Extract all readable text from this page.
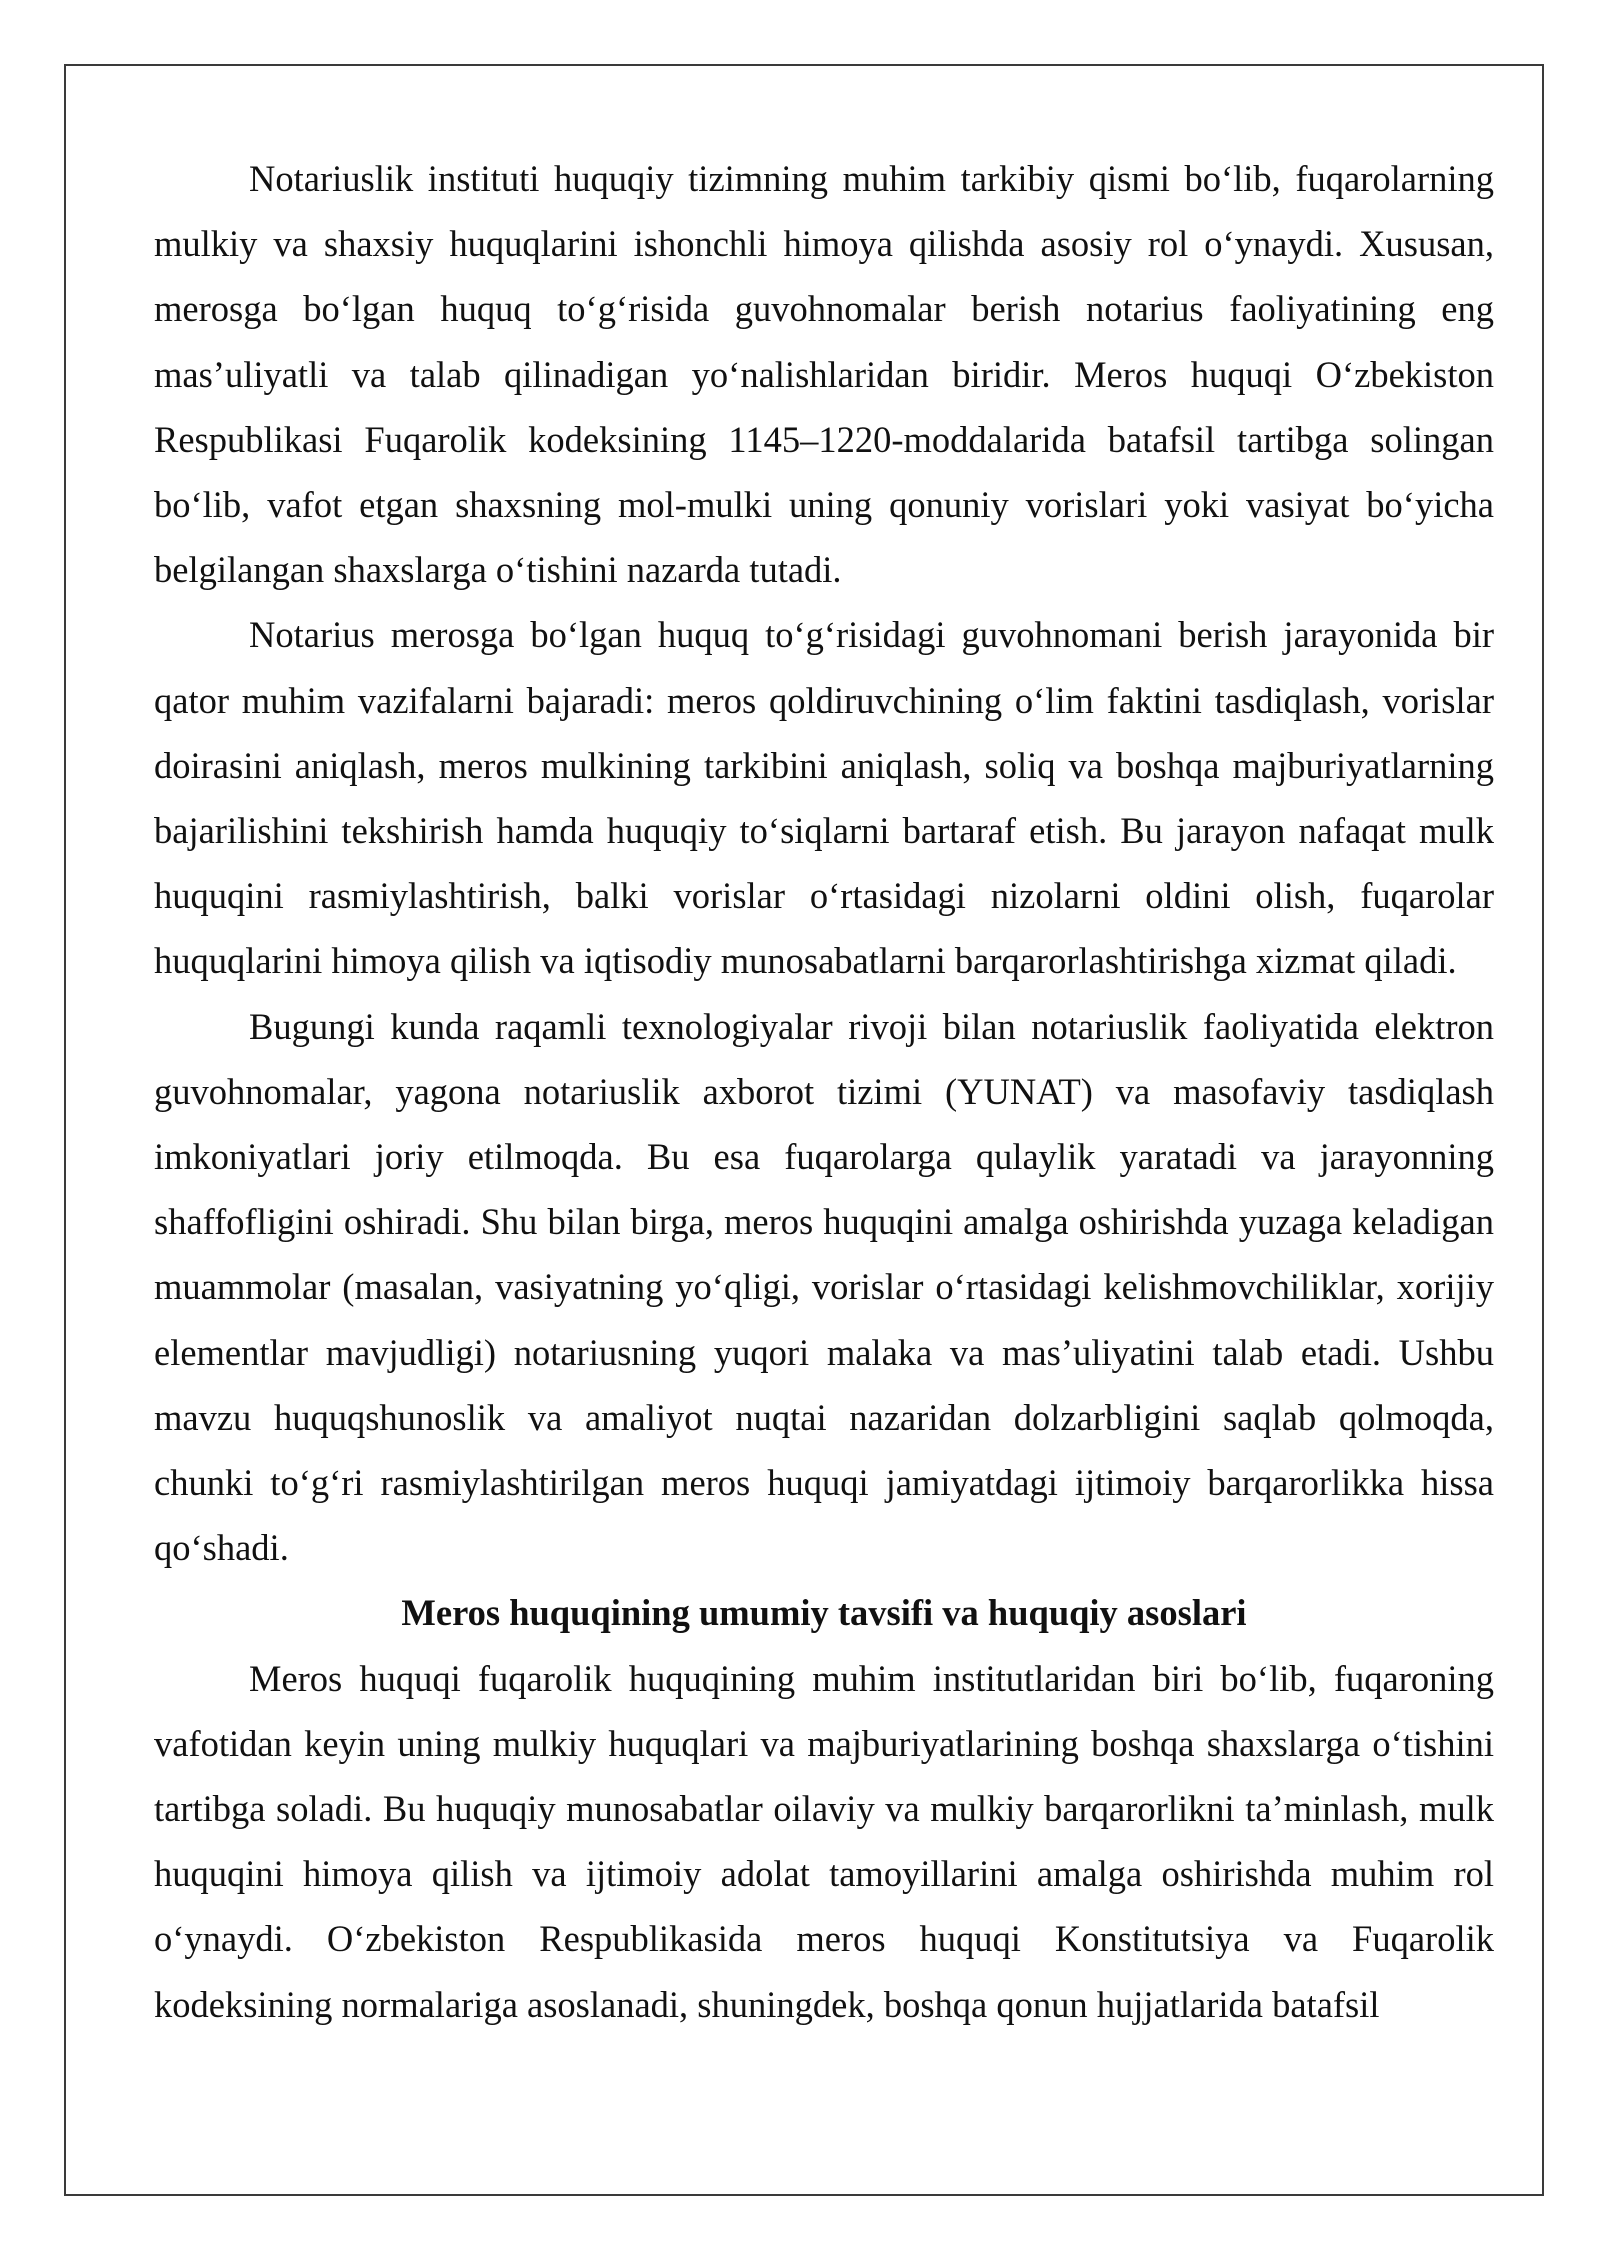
Notariuslik instituti huquqiy tizimning muhim tarkibiy qismi bo‘lib, fuqarolarning mulkiy va shaxsiy huquqlarini ishonchli himoya qilishda asosiy rol o‘ynaydi. Xususan, merosga bo‘lgan huquq to‘g‘risida guvohnomalar berish notarius faoliyatining eng mas’uliyatli va talab qilinadigan yo‘nalishlaridan biridir. Meros huquqi O‘zbekiston Respublikasi Fuqarolik kodeksining 1145–1220-moddalarida batafsil tartibga solingan bo‘lib, vafot etgan shaxsning mol-mulki uning qonuniy vorislari yoki vasiyat bo‘yicha belgilangan shaxslarga o‘tishini nazarda tutadi.

Notarius merosga bo‘lgan huquq to‘g‘risidagi guvohnomani berish jarayonida bir qator muhim vazifalarni bajaradi: meros qoldiruvchining o‘lim faktini tasdiqlash, vorislar doirasini aniqlash, meros mulkining tarkibini aniqlash, soliq va boshqa majburiyatlarning bajarilishini tekshirish hamda huquqiy to‘siqlarni bartaraf etish. Bu jarayon nafaqat mulk huquqini rasmiylashtirish, balki vorislar o‘rtasidagi nizolarni oldini olish, fuqarolar huquqlarini himoya qilish va iqtisodiy munosabatlarni barqarorlashtirishga xizmat qiladi.

Bugungi kunda raqamli texnologiyalar rivoji bilan notariuslik faoliyatida elektron guvohnomalar, yagona notariuslik axborot tizimi (YUNAT) va masofaviy tasdiqlash imkoniyatlari joriy etilmoqda. Bu esa fuqarolarga qulaylik yaratadi va jarayonning shaffofligini oshiradi. Shu bilan birga, meros huquqini amalga oshirishda yuzaga keladigan muammolar (masalan, vasiyatning yo‘qligi, vorislar o‘rtasidagi kelishmovchiliklar, xorijiy elementlar mavjudligi) notariusning yuqori malaka va mas’uliyatini talab etadi. Ushbu mavzu huquqshunoslik va amaliyot nuqtai nazaridan dolzarbligini saqlab qolmoqda, chunki to‘g‘ri rasmiylashtirilgan meros huquqi jamiyatdagi ijtimoiy barqarorlikka hissa qo‘shadi.

Meros huquqining umumiy tavsifi va huquqiy asoslari

Meros huquqi fuqarolik huquqining muhim institutlaridan biri bo‘lib, fuqaroning vafotidan keyin uning mulkiy huquqlari va majburiyatlarining boshqa shaxslarga o‘tishini tartibga soladi. Bu huquqiy munosabatlar oilaviy va mulkiy barqarorlikni ta’minlash, mulk huquqini himoya qilish va ijtimoiy adolat tamoyillarini amalga oshirishda muhim rol o‘ynaydi. O‘zbekiston Respublikasida meros huquqi Konstitutsiya va Fuqarolik kodeksining normalariga asoslanadi, shuningdek, boshqa qonun hujjatlarida batafsil
